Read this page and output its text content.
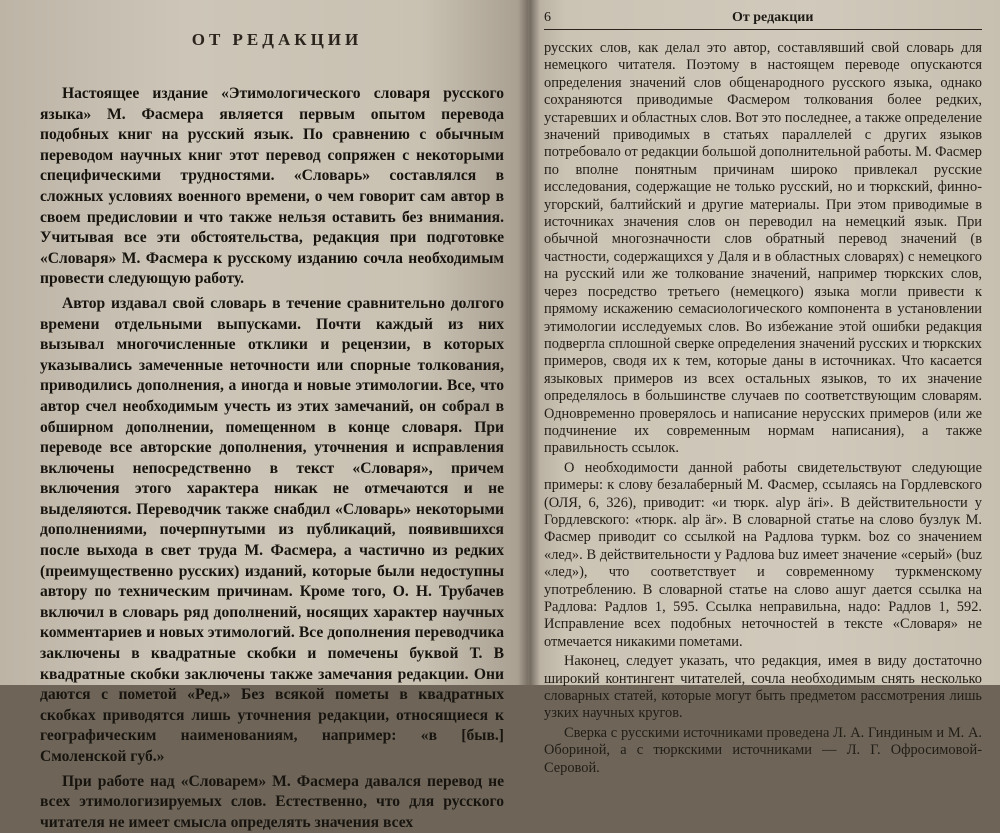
ОТ РЕДАКЦИИ

Настоящее издание «Этимологического словаря русского языка» М. Фасмера является первым опытом перевода подобных книг на русский язык. По сравнению с обычным переводом научных книг этот перевод сопряжен с некоторыми специфическими трудностями. «Словарь» составлялся в сложных условиях военного времени, о чем говорит сам автор в своем предисловии и что также нельзя оставить без внимания. Учитывая все эти обстоятельства, редакция при подготовке «Словаря» М. Фасмера к русскому изданию сочла необходимым провести следующую работу.

Автор издавал свой словарь в течение сравнительно долгого времени отдельными выпусками. Почти каждый из них вызывал многочисленные отклики и рецензии, в которых указывались замеченные неточности или спорные толкования, приводились дополнения, а иногда и новые этимологии. Все, что автор счел необходимым учесть из этих замечаний, он собрал в обширном дополнении, помещенном в конце словаря. При переводе все авторские дополнения, уточнения и исправления включены непосредственно в текст «Словаря», причем включения этого характера никак не отмечаются и не выделяются. Переводчик также снабдил «Словарь» некоторыми дополнениями, почерпнутыми из публикаций, появившихся после выхода в свет труда М. Фасмера, а частично из редких (преимущественно русских) изданий, которые были недоступны автору по техническим причинам. Кроме того, О. Н. Трубачев включил в словарь ряд дополнений, носящих характер научных комментариев и новых этимологий. Все дополнения переводчика заключены в квадратные скобки и помечены буквой Т. В квадратные скобки заключены также замечания редакции. Они даются с пометой «Ред.» Без всякой пометы в квадратных скобках приводятся лишь уточнения редакции, относящиеся к географическим наименованиям, например: «в [быв.] Смоленской губ.»

При работе над «Словарем» М. Фасмера давался перевод не всех этимологизируемых слов. Естественно, что для русского читателя не имеет смысла определять значения всех

6	От редакции

русских слов, как делал это автор, составлявший свой словарь для немецкого читателя. Поэтому в настоящем переводе опускаются определения значений слов общенародного русского языка, однако сохраняются приводимые Фасмером толкования более редких, устаревших и областных слов. Вот это последнее, а также определение значений приводимых в статьях параллелей с других языков потребовало от редакции большой дополнительной работы. М. Фасмер по вполне понятным причинам широко привлекал русские исследования, содержащие не только русский, но и тюркский, финно-угорский, балтийский и другие материалы. При этом приводимые в источниках значения слов он переводил на немецкий язык. При обычной многозначности слов обратный перевод значений (в частности, содержащихся у Даля и в областных словарях) с немецкого на русский или же толкование значений, например тюркских слов, через посредство третьего (немецкого) языка могли привести к прямому искажению семасиологического компонента в установлении этимологии исследуемых слов. Во избежание этой ошибки редакция подвергла сплошной сверке определения значений русских и тюркских примеров, сводя их к тем, которые даны в источниках. Что касается языковых примеров из всех остальных языков, то их значение определялось в большинстве случаев по соответствующим словарям. Одновременно проверялось и написание нерусских примеров (или же подчинение их современным нормам написания), а также правильность ссылок.

О необходимости данной работы свидетельствуют следующие примеры: к слову безалаберный М. Фасмер, ссылаясь на Гордлевского (ОЛЯ, 6, 326), приводит: «и тюрк. alyp äri». В действительности у Гордлевского: «тюрк. alp är». В словарной статье на слово бузлук М. Фасмер приводит со ссылкой на Радлова туркм. boz со значением «лед». В действительности у Радлова buz имеет значение «серый» (buz «лед»), что соответствует и современному туркменскому употреблению. В словарной статье на слово ашуг дается ссылка на Радлова: Радлов 1, 595. Ссылка неправильна, надо: Радлов 1, 592. Исправление всех подобных неточностей в тексте «Словаря» не отмечается никакими пометами.

Наконец, следует указать, что редакция, имея в виду достаточно широкий контингент читателей, сочла необходимым снять несколько словарных статей, которые могут быть предметом рассмотрения лишь узких научных кругов.

Сверка с русскими источниками проведена Л. А. Гиндиным и М. А. Обориной, а с тюркскими источниками — Л. Г. Офросимовой-Серовой.
